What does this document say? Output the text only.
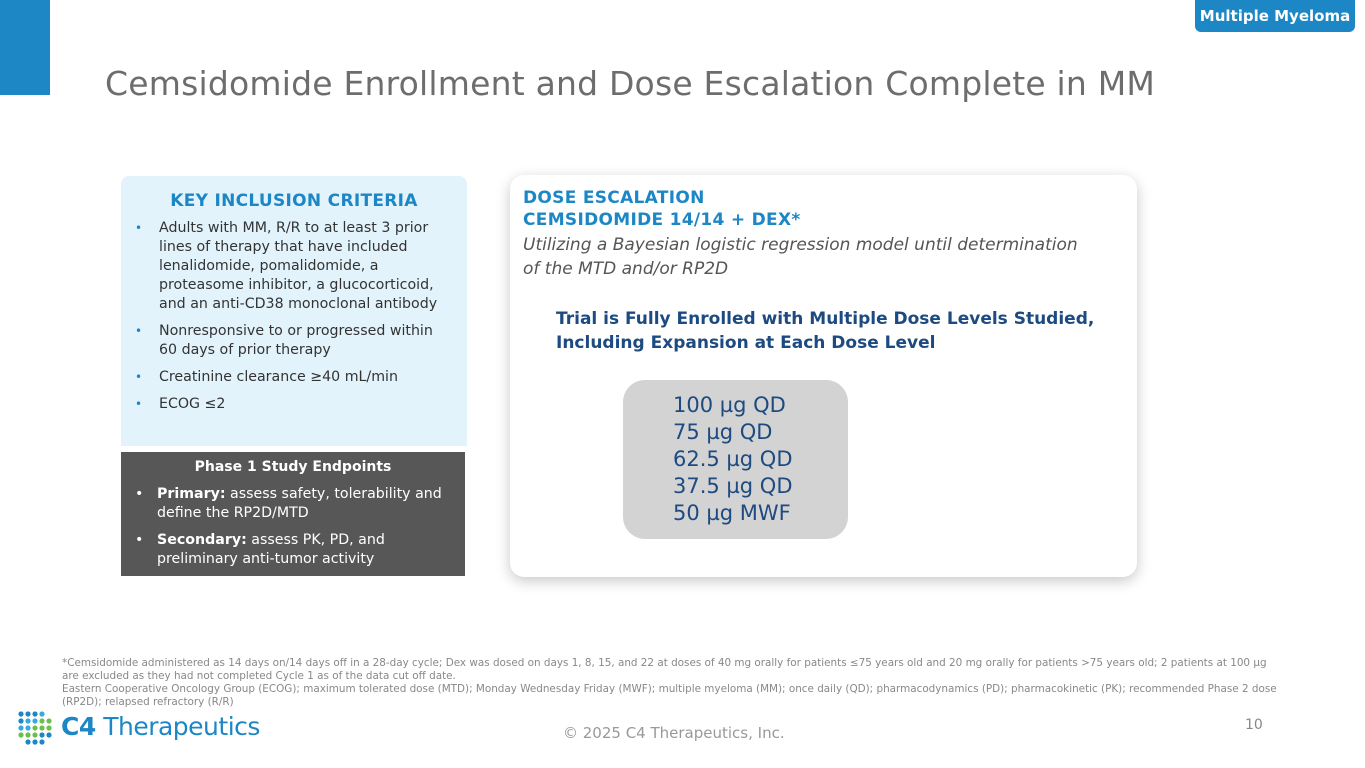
Multiple Myeloma
Cemsidomide Enrollment and Dose Escalation Complete in MM
KEY INCLUSION CRITERIA
• Adults with MM, R/R to at least 3 prior lines of therapy that have included lenalidomide, pomalidomide, a proteasome inhibitor, a glucocorticoid, and an anti-CD38 monoclonal antibody
• Nonresponsive to or progressed within 60 days of prior therapy
• Creatinine clearance ≥40 mL/min
• ECOG ≤2
Phase 1 Study Endpoints
• Primary: assess safety, tolerability and define the RP2D/MTD
• Secondary: assess PK, PD, and preliminary anti-tumor activity
DOSE ESCALATION
CEMSIDOMIDE 14/14 + DEX*
Utilizing a Bayesian logistic regression model until determination of the MTD and/or RP2D
Trial is Fully Enrolled with Multiple Dose Levels Studied, Including Expansion at Each Dose Level
100 µg QD
75 µg QD
62.5 µg QD
37.5 µg QD
50 µg MWF

*Cemsidomide administered as 14 days on/14 days off in a 28-day cycle; Dex was dosed on days 1, 8, 15, and 22 at doses of 40 mg orally for patients ≤75 years old and 20 mg orally for patients >75 years old; 2 patients at 100 µg are excluded as they had not completed Cycle 1 as of the data cut off date.

Eastern Cooperative Oncology Group (ECOG); maximum tolerated dose (MTD); Monday Wednesday Friday (MWF); multiple myeloma (MM); once daily (QD); pharmacodynamics (PD); pharmacokinetic (PK); recommended Phase 2 dose (RP2D); relapsed refractory (R/R)

C4 Therapeutics	© 2025 C4 Therapeutics, Inc.	10
